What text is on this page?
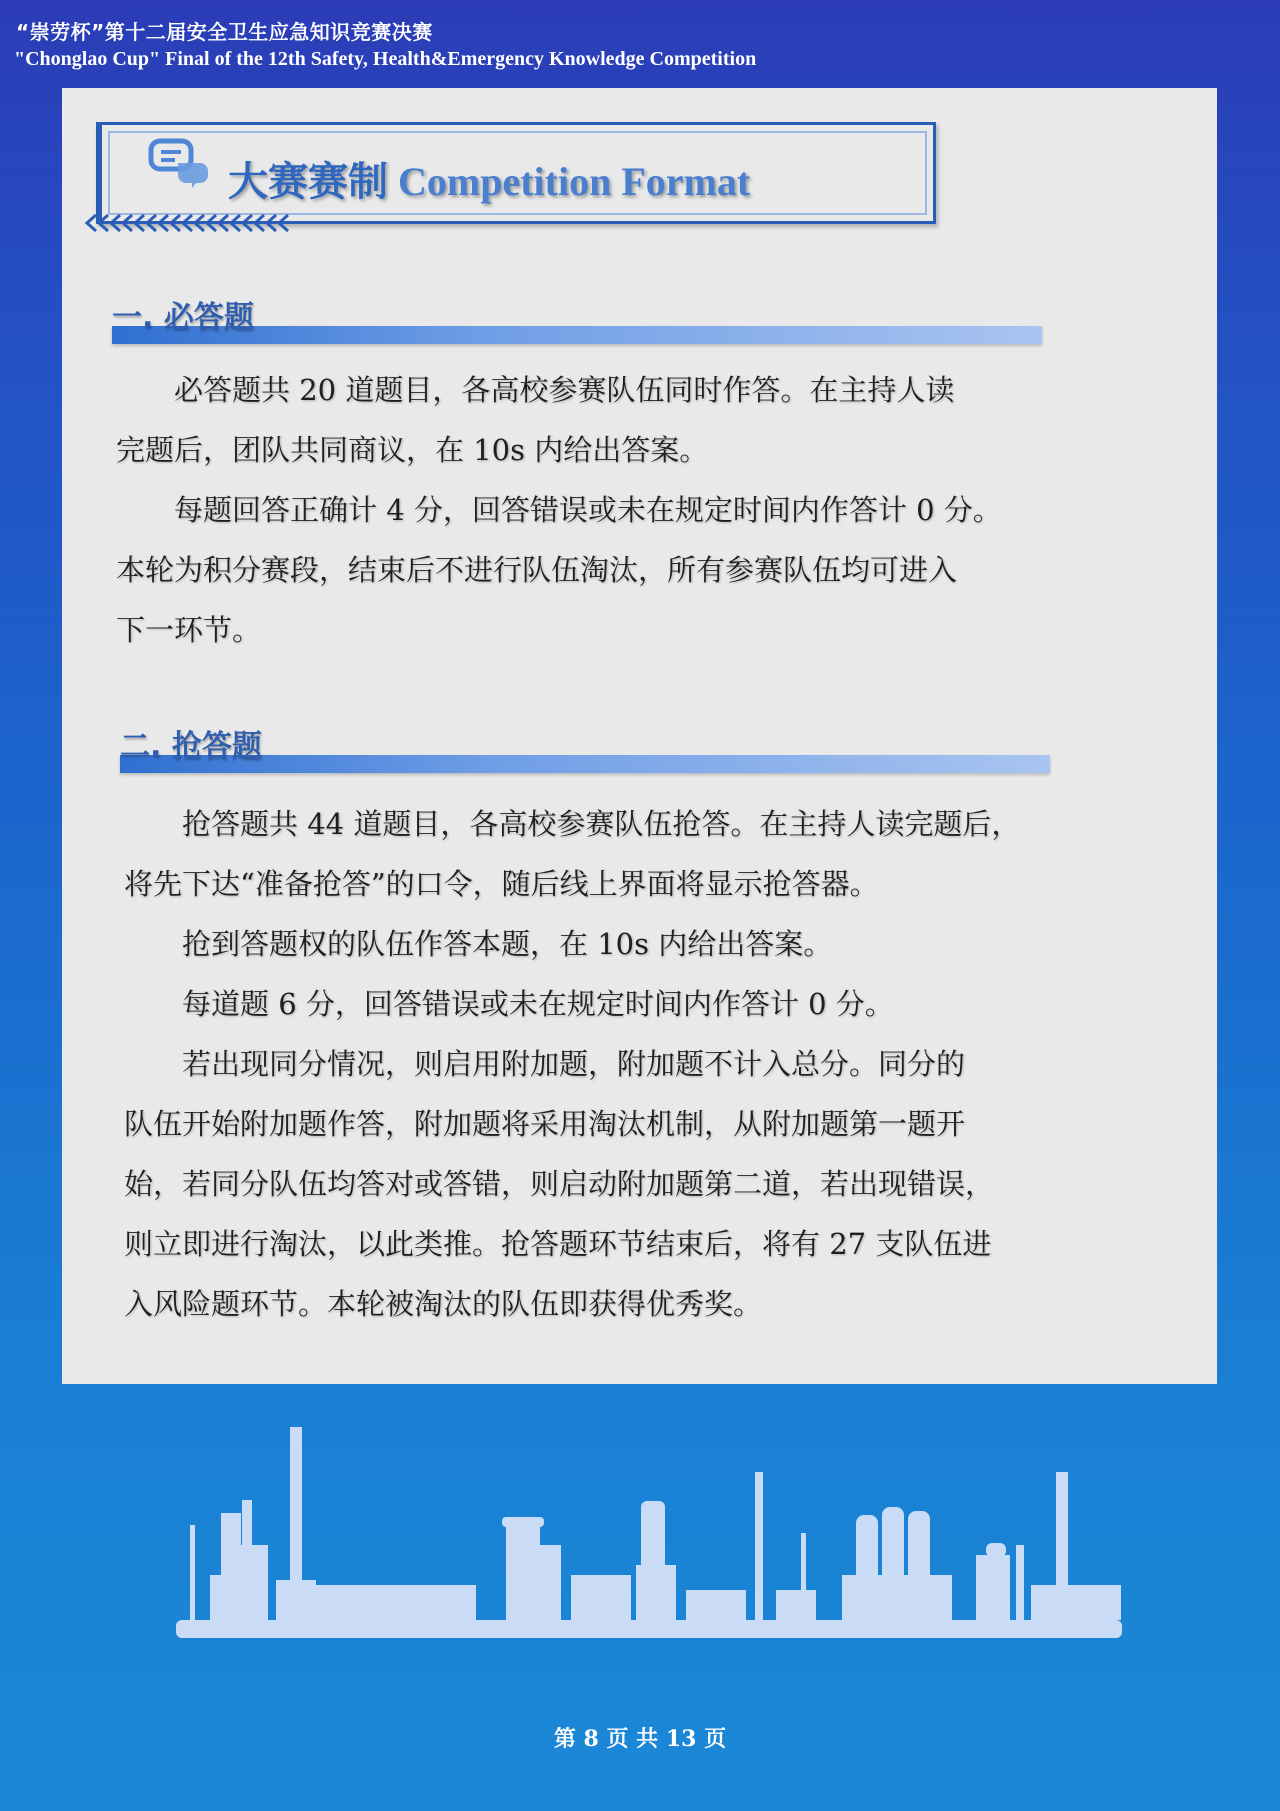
“崇劳杯”第十二届安全卫生应急知识竞赛决赛
"Chonglao Cup" Final of the 12th Safety, Health&Emergency Knowledge Competition
大赛赛制 Competition Format
一. 必答题

　　必答题共 20 道题目，各高校参赛队伍同时作答。在主持人读

完题后，团队共同商议，在 10s 内给出答案。

　　每题回答正确计 4 分，回答错误或未在规定时间内作答计 0 分。

本轮为积分赛段，结束后不进行队伍淘汰，所有参赛队伍均可进入

下一环节。

二. 抢答题

　　抢答题共 44 道题目，各高校参赛队伍抢答。在主持人读完题后，

将先下达“准备抢答”的口令，随后线上界面将显示抢答器。

　　抢到答题权的队伍作答本题，在 10s 内给出答案。

　　每道题 6 分，回答错误或未在规定时间内作答计 0 分。

　　若出现同分情况，则启用附加题，附加题不计入总分。同分的

队伍开始附加题作答，附加题将采用淘汰机制，从附加题第一题开

始，若同分队伍均答对或答错，则启动附加题第二道，若出现错误，

则立即进行淘汰，以此类推。抢答题环节结束后，将有 27 支队伍进

入风险题环节。本轮被淘汰的队伍即获得优秀奖。

第 8 页 共 13 页
